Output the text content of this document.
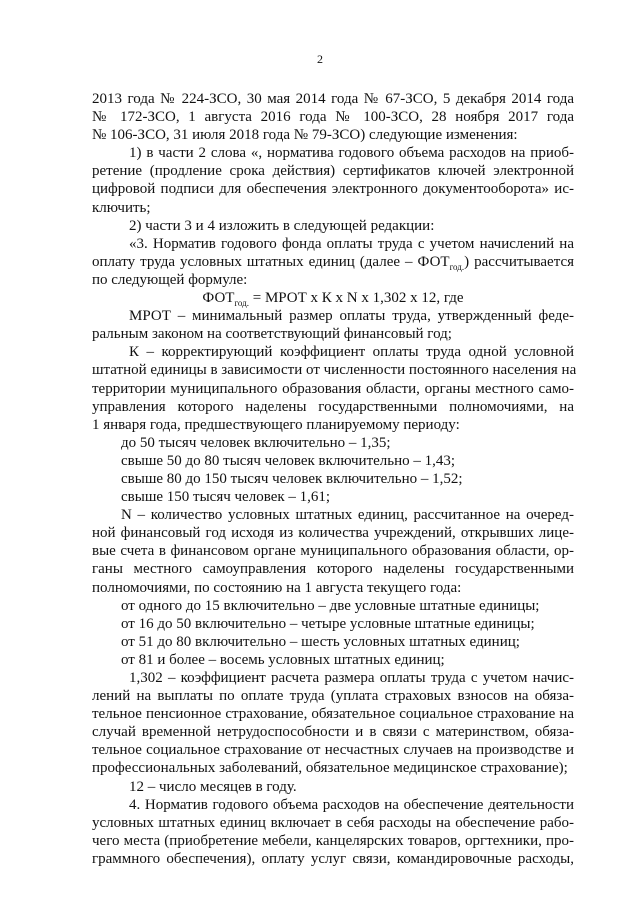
2
2013 года № 224-ЗСО, 30 мая 2014 года № 67-ЗСО, 5 декабря 2014 года
№ 172-ЗСО, 1 августа 2016 года № 100-ЗСО, 28 ноября 2017 года
№ 106-ЗСО, 31 июля 2018 года № 79-ЗСО) следующие изменения:
1) в части 2 слова «, норматива годового объема расходов на приоб-
ретение (продление срока действия) сертификатов ключей электронной
цифровой подписи для обеспечения электронного документооборота» ис-
ключить;
2) части 3 и 4 изложить в следующей редакции:
«3. Норматив годового фонда оплаты труда с учетом начислений на
оплату труда условных штатных единиц (далее – $ФОТ_{год.}$) рассчитывается
по следующей формуле:
$ФОТ_{год.}$ = МРОТ x К x N x 1,302 x 12, где
МРОТ – минимальный размер оплаты труда, утвержденный феде-
ральным законом на соответствующий финансовый год;
К – корректирующий коэффициент оплаты труда одной условной
штатной единицы в зависимости от численности постоянного населения на
территории муниципального образования области, органы местного само-
управления которого наделены государственными полномочиями, на
1 января года, предшествующего планируемому периоду:
до 50 тысяч человек включительно – 1,35;
свыше 50 до 80 тысяч человек включительно – 1,43;
свыше 80 до 150 тысяч человек включительно – 1,52;
свыше 150 тысяч человек – 1,61;
N – количество условных штатных единиц, рассчитанное на очеред-
ной финансовый год исходя из количества учреждений, открывших лице-
вые счета в финансовом органе муниципального образования области, ор-
ганы местного самоуправления которого наделены государственными
полномочиями, по состоянию на 1 августа текущего года:
от одного до 15 включительно – две условные штатные единицы;
от 16 до 50 включительно – четыре условные штатные единицы;
от 51 до 80 включительно – шесть условных штатных единиц;
от 81 и более – восемь условных штатных единиц;
1,302 – коэффициент расчета размера оплаты труда с учетом начис-
лений на выплаты по оплате труда (уплата страховых взносов на обяза-
тельное пенсионное страхование, обязательное социальное страхование на
случай временной нетрудоспособности и в связи с материнством, обяза-
тельное социальное страхование от несчастных случаев на производстве и
профессиональных заболеваний, обязательное медицинское страхование);
12 – число месяцев в году.
4. Норматив годового объема расходов на обеспечение деятельности
условных штатных единиц включает в себя расходы на обеспечение рабо-
чего места (приобретение мебели, канцелярских товаров, оргтехники, про-
граммного обеспечения), оплату услуг связи, командировочные расходы,
